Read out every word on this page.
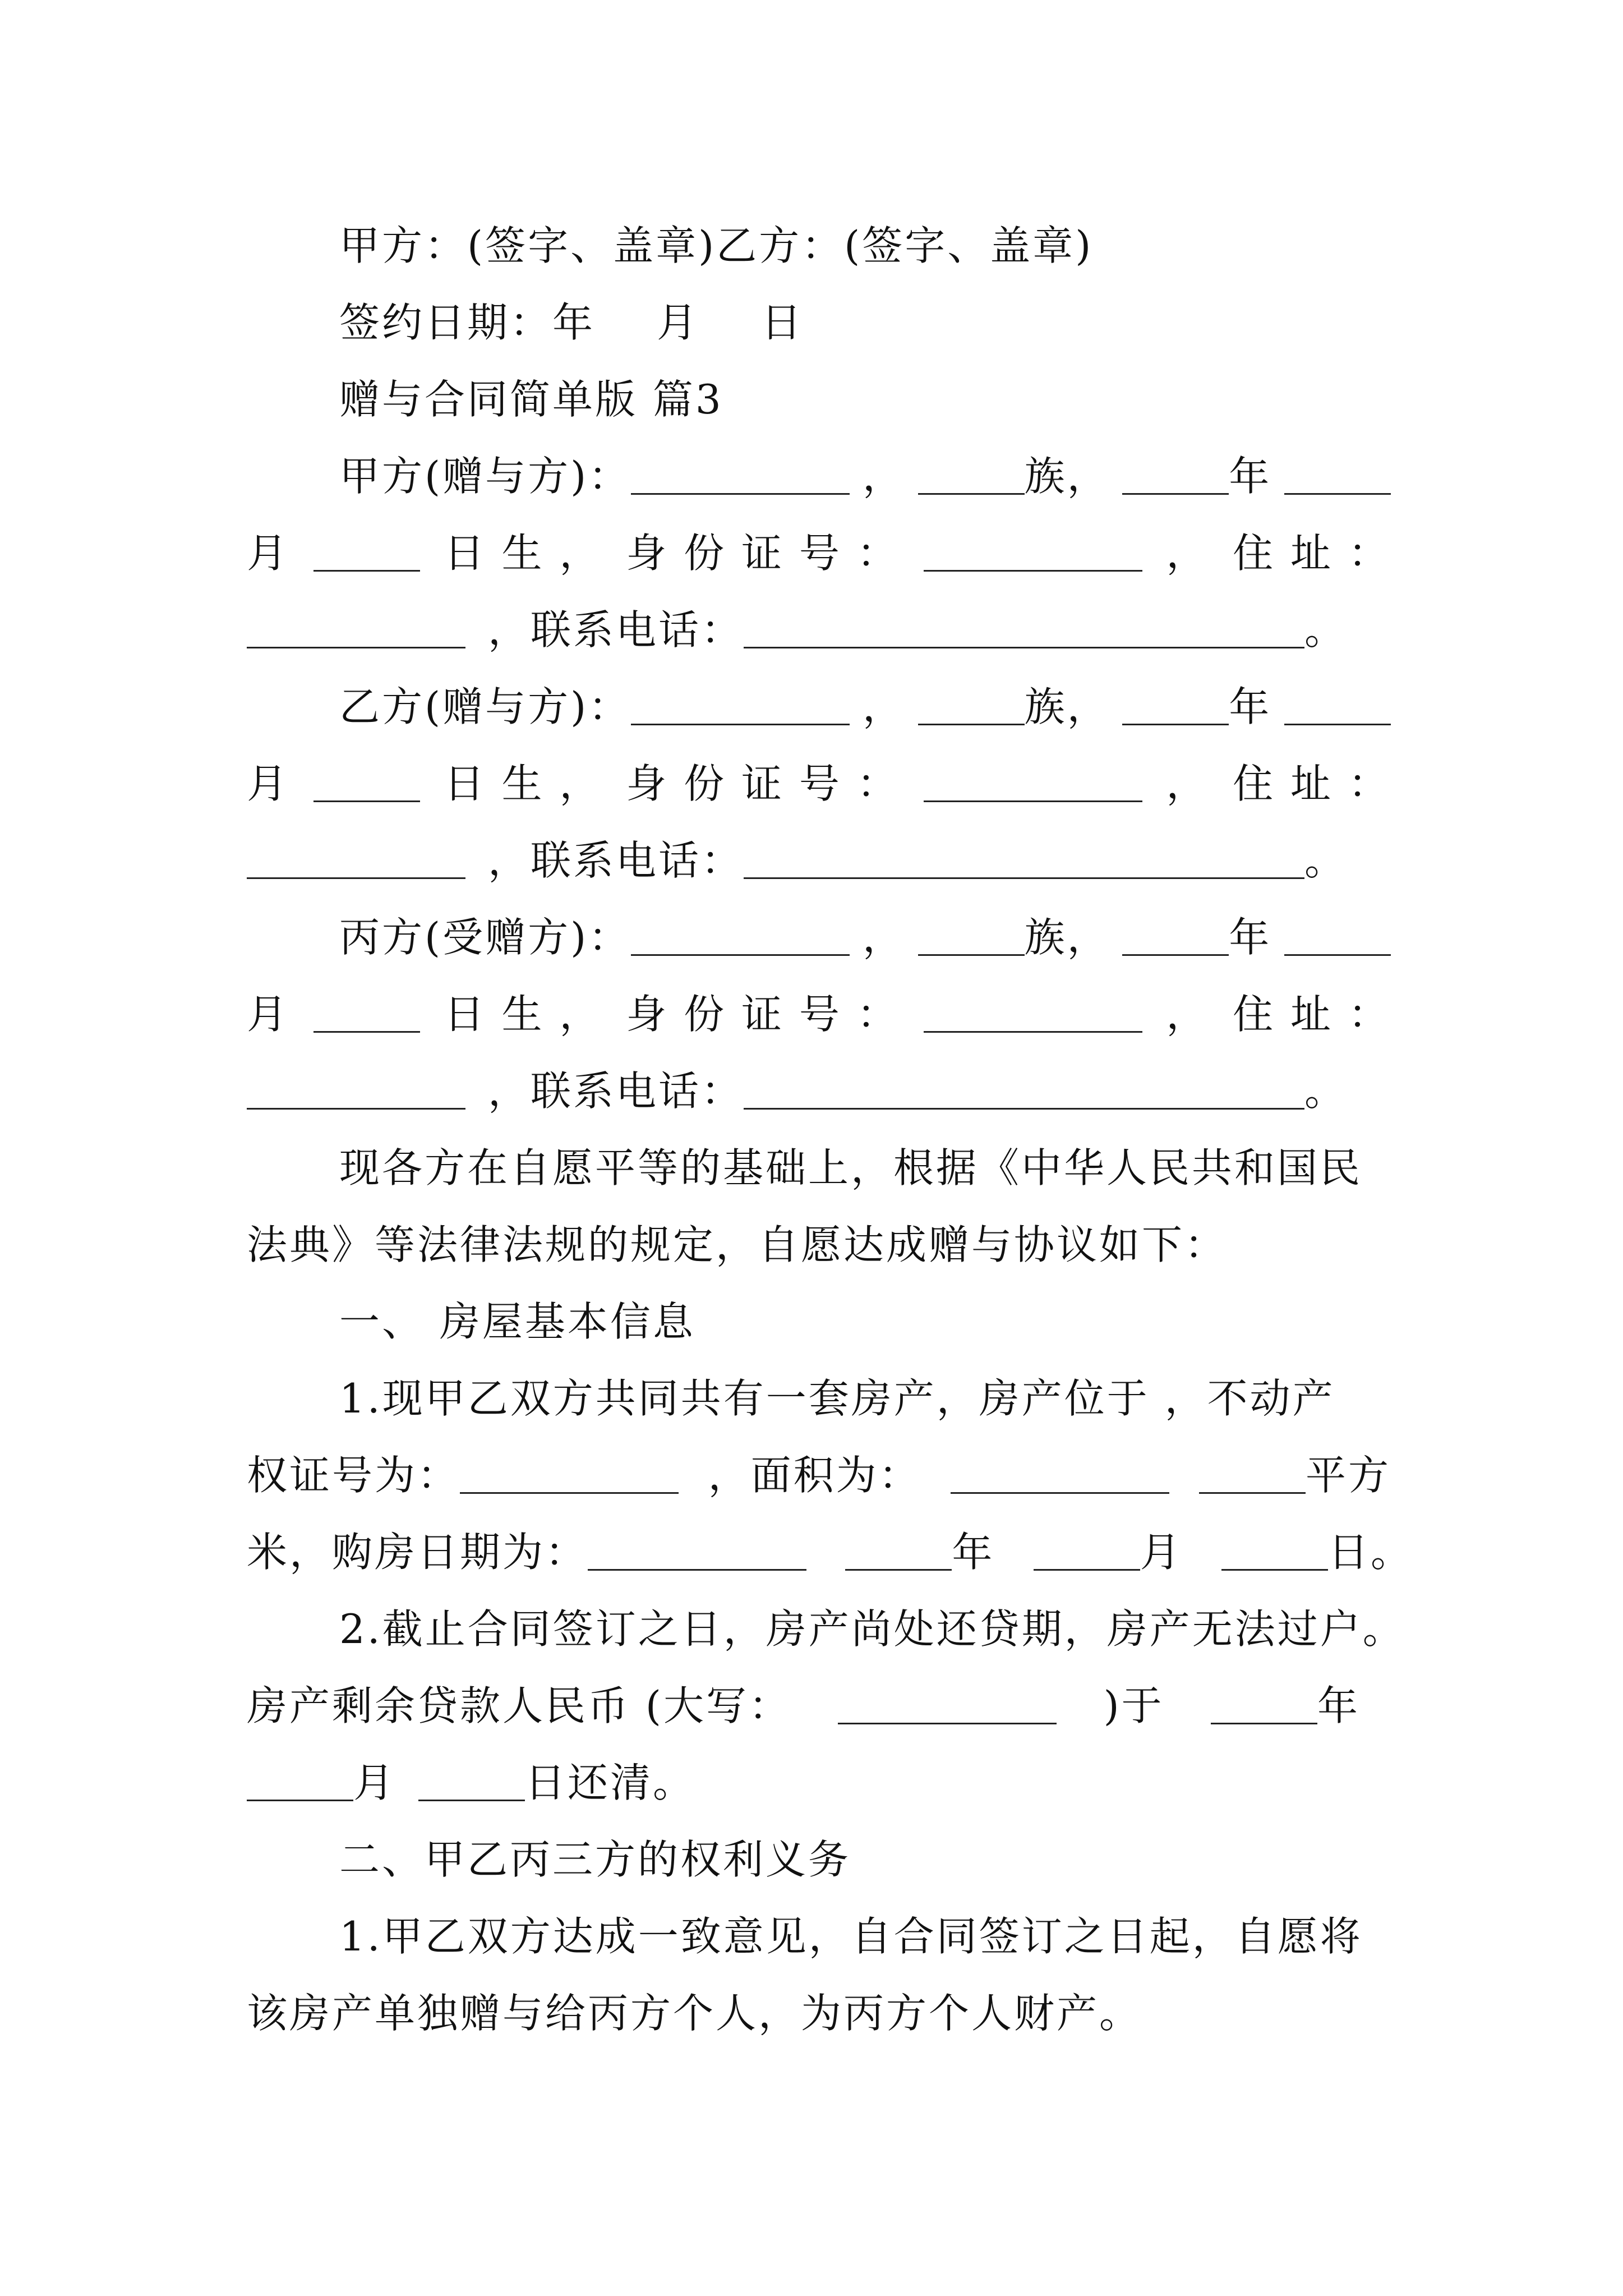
甲方：(签字、盖章)乙方：(签字、盖章)
签约日期：年 月 日
赠与合同简单版 篇3
甲方(赠与方)：	，	族，	年
月	日 生 ， 身 份 证 号 ：	， 住 址 ：
，联系电话：	。
乙方(赠与方)：	，	族，	年
月	日 生 ， 身 份 证 号 ：	， 住 址 ：
，联系电话：	。
丙方(受赠方)：	，	族，	年
月	日 生 ， 身 份 证 号 ：	， 住 址 ：
，联系电话：	。
现各方在自愿平等的基础上，根据《中华人民共和国民
法典》等法律法规的规定，自愿达成赠与协议如下：
一、 房屋基本信息
1.现甲乙双方共同共有一套房产，房产位于 ，不动产
权证号为：	，面积为：	平方
米，购房日期为：	年	月	日。
2.截止合同签订之日，房产尚处还贷期，房产无法过户。
房产剩余贷款人民币 (大写：	)于	年
月	日还清。
二、甲乙丙三方的权利义务
1.甲乙双方达成一致意见，自合同签订之日起，自愿将
该房产单独赠与给丙方个人，为丙方个人财产。
